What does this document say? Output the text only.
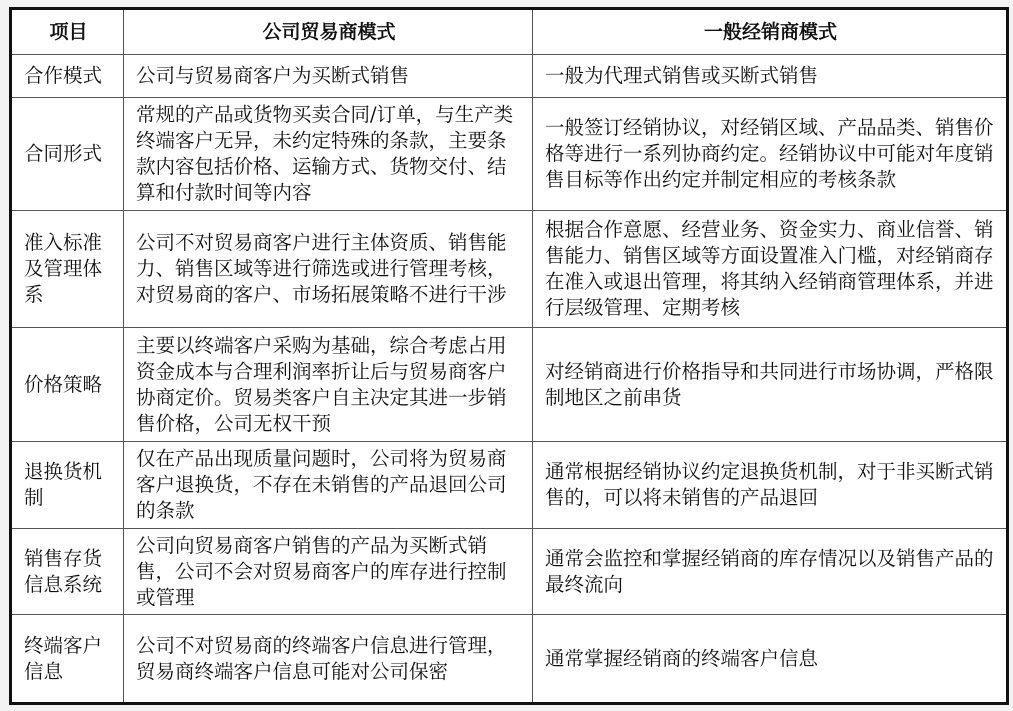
项目	公司贸易商模式	一般经销商模式
合作模式	公司与贸易商客户为买断式销售	一般为代理式销售或买断式销售
合同形式	常规的产品或货物买卖合同/订单，与生产类终端客户无异，未约定特殊的条款，主要条款内容包括价格、运输方式、货物交付、结算和付款时间等内容	一般签订经销协议，对经销区域、产品品类、销售价格等进行一系列协商约定。经销协议中可能对年度销售目标等作出约定并制定相应的考核条款
准入标准及管理体系	公司不对贸易商客户进行主体资质、销售能力、销售区域等进行筛选或进行管理考核，对贸易商的客户、市场拓展策略不进行干涉	根据合作意愿、经营业务、资金实力、商业信誉、销售能力、销售区域等方面设置准入门槛，对经销商存在准入或退出管理，将其纳入经销商管理体系，并进行层级管理、定期考核
价格策略	主要以终端客户采购为基础，综合考虑占用资金成本与合理利润率折让后与贸易商客户协商定价。贸易类客户自主决定其进一步销售价格，公司无权干预	对经销商进行价格指导和共同进行市场协调，严格限制地区之前串货
退换货机制	仅在产品出现质量问题时，公司将为贸易商客户退换货，不存在未销售的产品退回公司的条款	通常根据经销协议约定退换货机制，对于非买断式销售的，可以将未销售的产品退回
销售存货信息系统	公司向贸易商客户销售的产品为买断式销售，公司不会对贸易商客户的库存进行控制或管理	通常会监控和掌握经销商的库存情况以及销售产品的最终流向
终端客户信息	公司不对贸易商的终端客户信息进行管理，贸易商终端客户信息可能对公司保密	通常掌握经销商的终端客户信息
